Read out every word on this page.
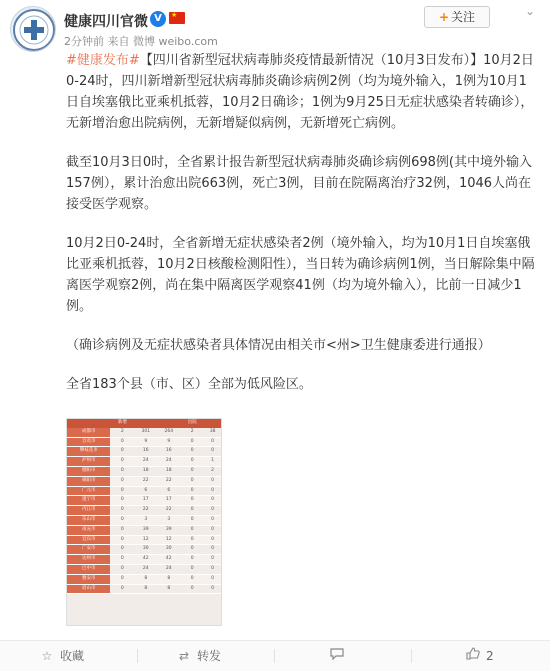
健康四川官微 V	★
2分钟前 来自 微博 weibo.com
+ 关注	⌄

#健康发布#【四川省新型冠状病毒肺炎疫情最新情况（10月3日发布）】10月2日0-24时，四川新增新型冠状病毒肺炎确诊病例2例（均为境外输入，1例为10月1日自埃塞俄比亚乘机抵蓉，10月2日确诊；1例为9月25日无症状感染者转确诊），无新增治愈出院病例，无新增疑似病例，无新增死亡病例。

截至10月3日0时，全省累计报告新型冠状病毒肺炎确诊病例698例(其中境外输入157例），累计治愈出院663例，死亡3例，目前在院隔离治疗32例，1046人尚在接受医学观察。

10月2日0-24时，全省新增无症状感染者2例（境外输入，均为10月1日自埃塞俄比亚乘机抵蓉，10月2日核酸检测阳性），当日转为确诊病例1例，当日解除集中隔离医学观察2例，尚在集中隔离医学观察41例（均为境外输入），比前一日减少1例。

（确诊病例及无症状感染者具体情况由相关市<州>卫生健康委进行通报）

全省183个县（市、区）全部为低风险区。

	新增			出院	
成都市	2	301	264	2	38
自贡市	0	9	9	0	0
攀枝花市	0	16	16	0	0
泸州市	0	24	24	0	1
德阳市	0	18	18	0	2
绵阳市	0	22	22	0	0
广元市	0	6	6	0	0
遂宁市	0	17	17	0	0
内江市	0	22	22	0	0
乐山市	0	3	3	0	0
南充市	0	39	39	0	0
宜宾市	0	12	12	0	0
广安市	0	30	30	0	0
达州市	0	42	42	0	0
巴中市	0	24	24	0	0
雅安市	0	8	8	0	0
眉山市	0	8	8	0	0
☆ 收藏	⇄ 转发	2
